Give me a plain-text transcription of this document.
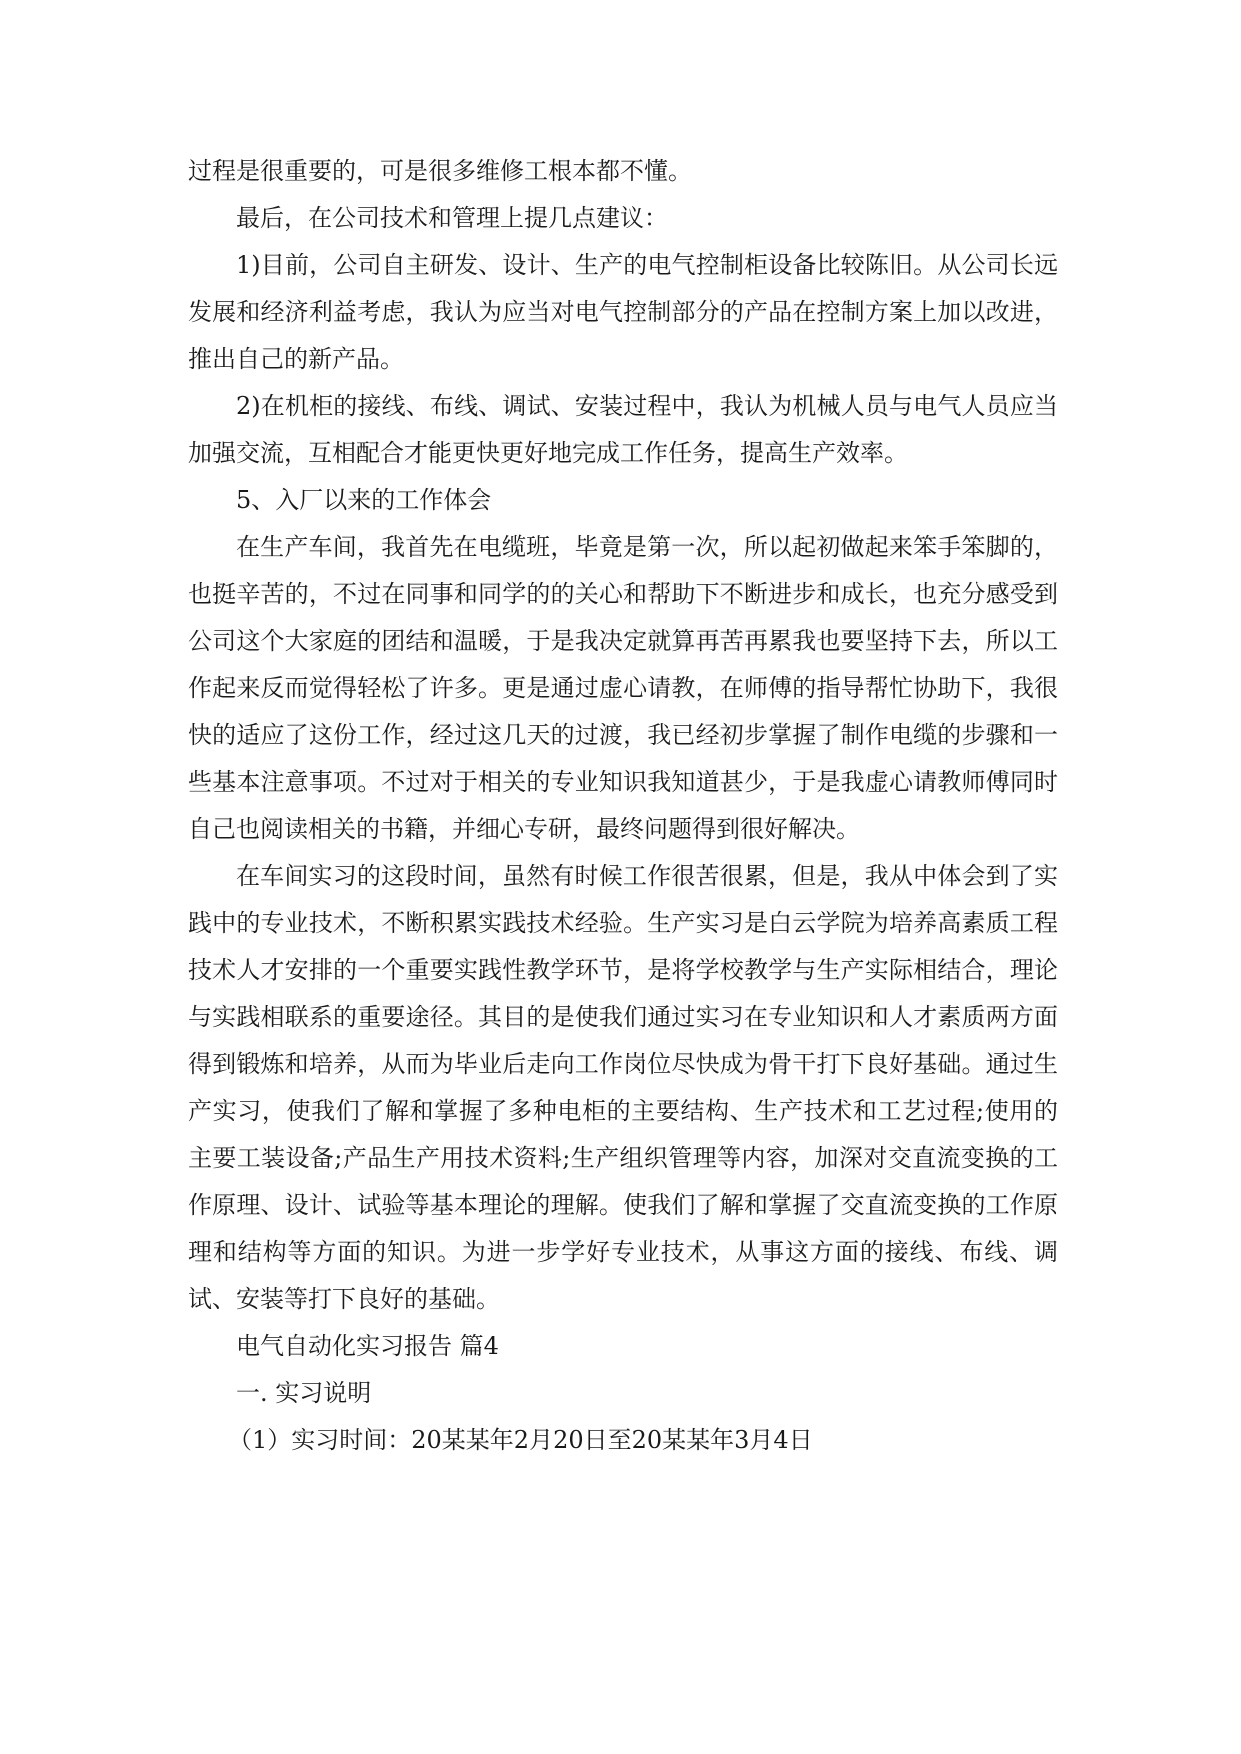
过程是很重要的，可是很多维修工根本都不懂。

最后，在公司技术和管理上提几点建议：

1)目前，公司自主研发、设计、生产的电气控制柜设备比较陈旧。从公司长远发展和经济利益考虑，我认为应当对电气控制部分的产品在控制方案上加以改进，推出自己的新产品。

2)在机柜的接线、布线、调试、安装过程中，我认为机械人员与电气人员应当加强交流，互相配合才能更快更好地完成工作任务，提高生产效率。

5、入厂以来的工作体会

在生产车间，我首先在电缆班，毕竟是第一次，所以起初做起来笨手笨脚的，也挺辛苦的，不过在同事和同学的的关心和帮助下不断进步和成长，也充分感受到公司这个大家庭的团结和温暖，于是我决定就算再苦再累我也要坚持下去，所以工作起来反而觉得轻松了许多。更是通过虚心请教，在师傅的指导帮忙协助下，我很快的适应了这份工作，经过这几天的过渡，我已经初步掌握了制作电缆的步骤和一些基本注意事项。不过对于相关的专业知识我知道甚少，于是我虚心请教师傅同时自己也阅读相关的书籍，并细心专研，最终问题得到很好解决。

在车间实习的这段时间，虽然有时候工作很苦很累，但是，我从中体会到了实践中的专业技术，不断积累实践技术经验。生产实习是白云学院为培养高素质工程技术人才安排的一个重要实践性教学环节，是将学校教学与生产实际相结合，理论与实践相联系的重要途径。其目的是使我们通过实习在专业知识和人才素质两方面得到锻炼和培养，从而为毕业后走向工作岗位尽快成为骨干打下良好基础。通过生产实习，使我们了解和掌握了多种电柜的主要结构、生产技术和工艺过程;使用的主要工装设备;产品生产用技术资料;生产组织管理等内容，加深对交直流变换的工作原理、设计、试验等基本理论的理解。使我们了解和掌握了交直流变换的工作原理和结构等方面的知识。为进一步学好专业技术，从事这方面的接线、布线、调试、安装等打下良好的基础。

电气自动化实习报告 篇4

一. 实习说明

（1）实习时间：20某某年2月20日至20某某年3月4日
